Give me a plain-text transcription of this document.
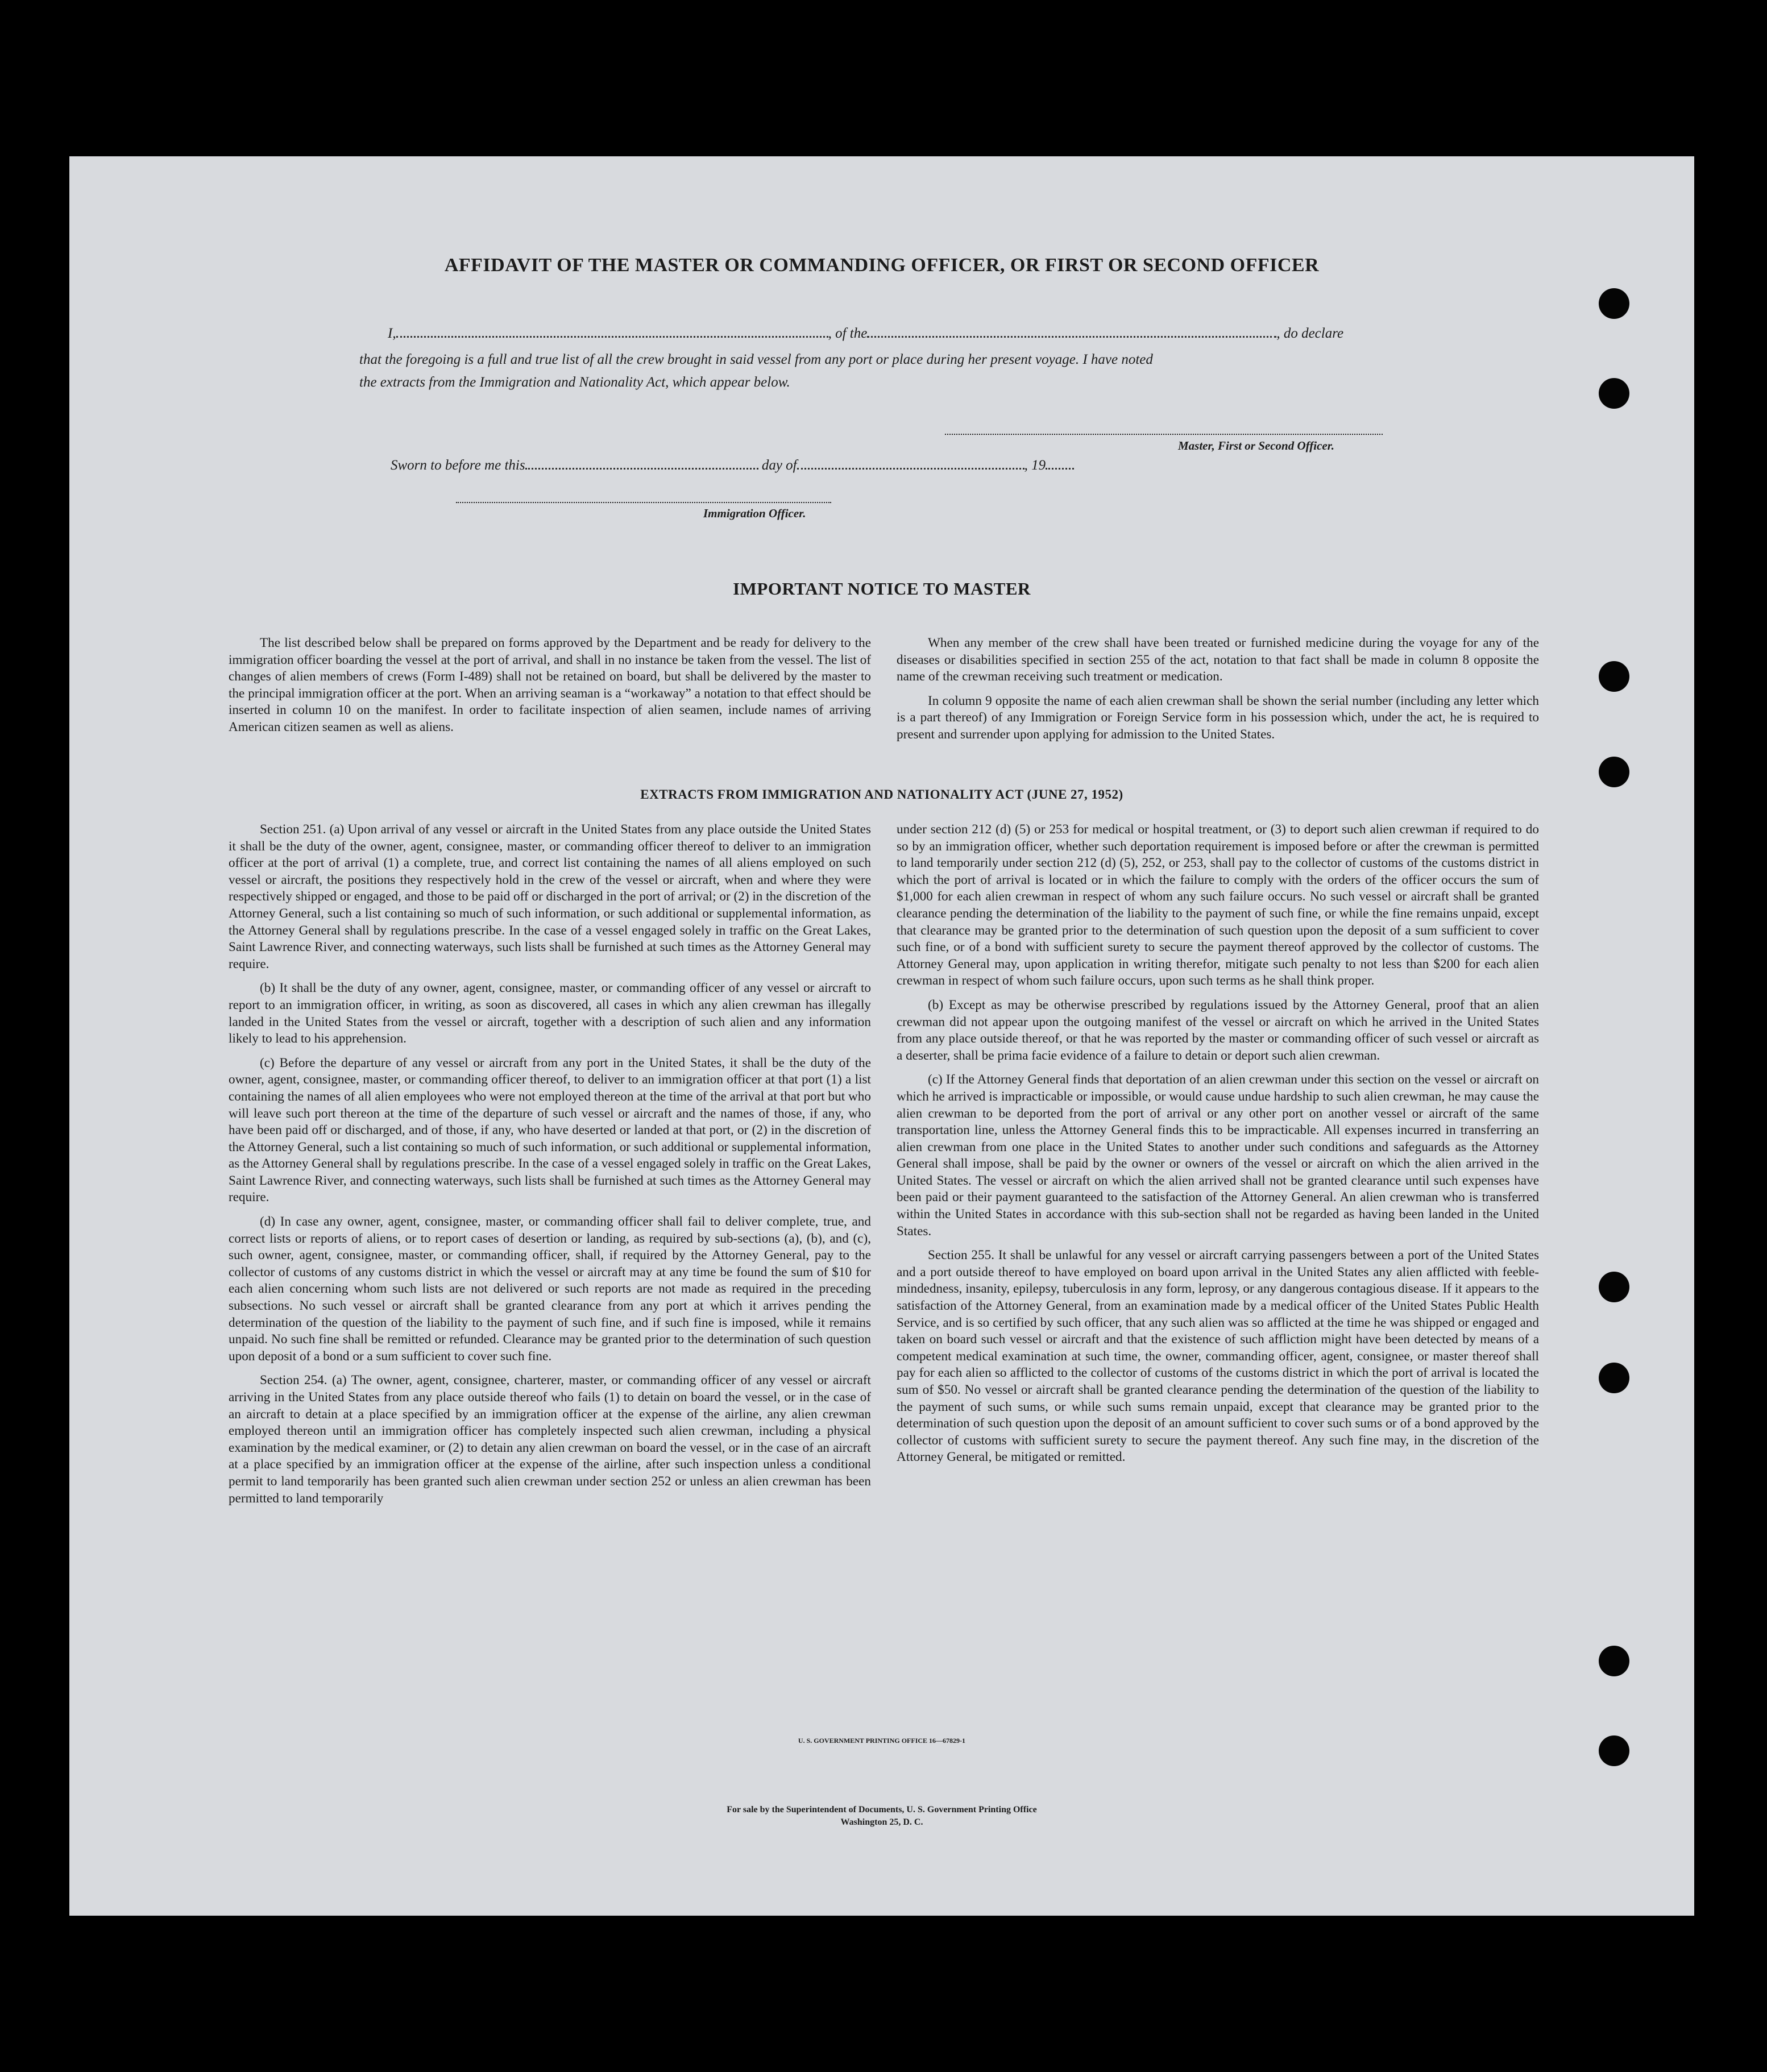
AFFIDAVIT OF THE MASTER OR COMMANDING OFFICER, OR FIRST OR SECOND OFFICER
I,	, of the	, do declare
that the foregoing is a full and true list of all the crew brought in said vessel from any port or place during her present voyage. I have noted
the extracts from the Immigration and Nationality Act, which appear below.
Master, First or Second Officer.
Sworn to before me this	day of	, 19
Immigration Officer.
IMPORTANT NOTICE TO MASTER

The list described below shall be prepared on forms approved by the Department and be ready for delivery to the immigration officer boarding the vessel at the port of arrival, and shall in no instance be taken from the vessel. The list of changes of alien members of crews (Form I-489) shall not be retained on board, but shall be delivered by the master to the principal immigration officer at the port. When an arriving seaman is a “workaway” a notation to that effect should be inserted in column 10 on the manifest. In order to facilitate inspection of alien seamen, include names of arriving American citizen seamen as well as aliens.

When any member of the crew shall have been treated or furnished medicine during the voyage for any of the diseases or disabilities specified in section 255 of the act, notation to that fact shall be made in column 8 opposite the name of the crewman receiving such treatment or medication.

In column 9 opposite the name of each alien crewman shall be shown the serial number (including any letter which is a part thereof) of any Immigration or Foreign Service form in his possession which, under the act, he is required to present and surrender upon applying for admission to the United States.

EXTRACTS FROM IMMIGRATION AND NATIONALITY ACT (JUNE 27, 1952)

Section 251. (a) Upon arrival of any vessel or aircraft in the United States from any place outside the United States it shall be the duty of the owner, agent, consignee, master, or commanding officer thereof to deliver to an immigration officer at the port of arrival (1) a complete, true, and correct list containing the names of all aliens employed on such vessel or aircraft, the positions they respectively hold in the crew of the vessel or aircraft, when and where they were respectively shipped or engaged, and those to be paid off or discharged in the port of arrival; or (2) in the discretion of the Attorney General, such a list containing so much of such information, or such additional or supplemental information, as the Attorney General shall by regulations prescribe. In the case of a vessel engaged solely in traffic on the Great Lakes, Saint Lawrence River, and connecting waterways, such lists shall be furnished at such times as the Attorney General may require.

(b) It shall be the duty of any owner, agent, consignee, master, or commanding officer of any vessel or aircraft to report to an immigration officer, in writing, as soon as discovered, all cases in which any alien crewman has illegally landed in the United States from the vessel or aircraft, together with a description of such alien and any information likely to lead to his apprehension.

(c) Before the departure of any vessel or aircraft from any port in the United States, it shall be the duty of the owner, agent, consignee, master, or commanding officer thereof, to deliver to an immigration officer at that port (1) a list containing the names of all alien employees who were not employed thereon at the time of the arrival at that port but who will leave such port thereon at the time of the departure of such vessel or aircraft and the names of those, if any, who have been paid off or discharged, and of those, if any, who have deserted or landed at that port, or (2) in the discretion of the Attorney General, such a list containing so much of such information, or such additional or supplemental information, as the Attorney General shall by regulations prescribe. In the case of a vessel engaged solely in traffic on the Great Lakes, Saint Lawrence River, and connecting waterways, such lists shall be furnished at such times as the Attorney General may require.

(d) In case any owner, agent, consignee, master, or commanding officer shall fail to deliver complete, true, and correct lists or reports of aliens, or to report cases of desertion or landing, as required by sub-sections (a), (b), and (c), such owner, agent, consignee, master, or commanding officer, shall, if required by the Attorney General, pay to the collector of customs of any customs district in which the vessel or aircraft may at any time be found the sum of $10 for each alien concerning whom such lists are not delivered or such reports are not made as required in the preceding subsections. No such vessel or aircraft shall be granted clearance from any port at which it arrives pending the determination of the question of the liability to the payment of such fine, and if such fine is imposed, while it remains unpaid. No such fine shall be remitted or refunded. Clearance may be granted prior to the determination of such question upon deposit of a bond or a sum sufficient to cover such fine.

Section 254. (a) The owner, agent, consignee, charterer, master, or commanding officer of any vessel or aircraft arriving in the United States from any place outside thereof who fails (1) to detain on board the vessel, or in the case of an aircraft to detain at a place specified by an immigration officer at the expense of the airline, any alien crewman employed thereon until an immigration officer has completely inspected such alien crewman, including a physical examination by the medical examiner, or (2) to detain any alien crewman on board the vessel, or in the case of an aircraft at a place specified by an immigration officer at the expense of the airline, after such inspection unless a conditional permit to land temporarily has been granted such alien crewman under section 252 or unless an alien crewman has been permitted to land temporarily

under section 212 (d) (5) or 253 for medical or hospital treatment, or (3) to deport such alien crewman if required to do so by an immigration officer, whether such deportation requirement is imposed before or after the crewman is permitted to land temporarily under section 212 (d) (5), 252, or 253, shall pay to the collector of customs of the customs district in which the port of arrival is located or in which the failure to comply with the orders of the officer occurs the sum of $1,000 for each alien crewman in respect of whom any such failure occurs. No such vessel or aircraft shall be granted clearance pending the determination of the liability to the payment of such fine, or while the fine remains unpaid, except that clearance may be granted prior to the determination of such question upon the deposit of a sum sufficient to cover such fine, or of a bond with sufficient surety to secure the payment thereof approved by the collector of customs. The Attorney General may, upon application in writing therefor, mitigate such penalty to not less than $200 for each alien crewman in respect of whom such failure occurs, upon such terms as he shall think proper.

(b) Except as may be otherwise prescribed by regulations issued by the Attorney General, proof that an alien crewman did not appear upon the outgoing manifest of the vessel or aircraft on which he arrived in the United States from any place outside thereof, or that he was reported by the master or commanding officer of such vessel or aircraft as a deserter, shall be prima facie evidence of a failure to detain or deport such alien crewman.

(c) If the Attorney General finds that deportation of an alien crewman under this section on the vessel or aircraft on which he arrived is impracticable or impossible, or would cause undue hardship to such alien crewman, he may cause the alien crewman to be deported from the port of arrival or any other port on another vessel or aircraft of the same transportation line, unless the Attorney General finds this to be impracticable. All expenses incurred in transferring an alien crewman from one place in the United States to another under such conditions and safeguards as the Attorney General shall impose, shall be paid by the owner or owners of the vessel or aircraft on which the alien arrived in the United States. The vessel or aircraft on which the alien arrived shall not be granted clearance until such expenses have been paid or their payment guaranteed to the satisfaction of the Attorney General. An alien crewman who is transferred within the United States in accordance with this sub-section shall not be regarded as having been landed in the United States.

Section 255. It shall be unlawful for any vessel or aircraft carrying passengers between a port of the United States and a port outside thereof to have employed on board upon arrival in the United States any alien afflicted with feeble-mindedness, insanity, epilepsy, tuberculosis in any form, leprosy, or any dangerous contagious disease. If it appears to the satisfaction of the Attorney General, from an examination made by a medical officer of the United States Public Health Service, and is so certified by such officer, that any such alien was so afflicted at the time he was shipped or engaged and taken on board such vessel or aircraft and that the existence of such affliction might have been detected by means of a competent medical examination at such time, the owner, commanding officer, agent, consignee, or master thereof shall pay for each alien so afflicted to the collector of customs of the customs district in which the port of arrival is located the sum of $50. No vessel or aircraft shall be granted clearance pending the determination of the question of the liability to the payment of such sums, or while such sums remain unpaid, except that clearance may be granted prior to the determination of such question upon the deposit of an amount sufficient to cover such sums or of a bond approved by the collector of customs with sufficient surety to secure the payment thereof. Any such fine may, in the discretion of the Attorney General, be mitigated or remitted.

U. S. GOVERNMENT PRINTING OFFICE 16—67829-1
For sale by the Superintendent of Documents, U. S. Government Printing Office
Washington 25, D. C.
